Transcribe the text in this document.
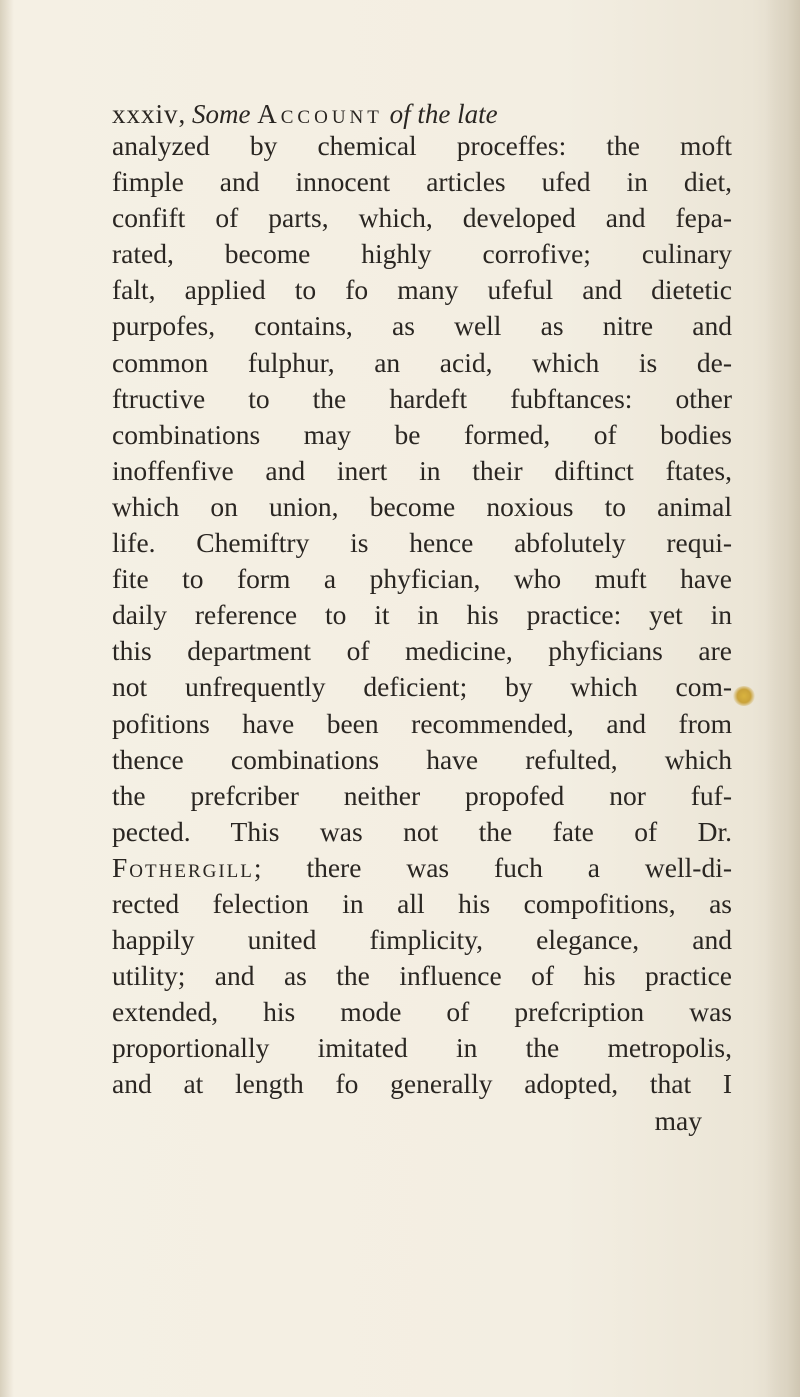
xxxiv, Some Account of the late
analyzed by chemical proceffes: the moft
fimple and innocent articles ufed in diet,
confift of parts, which, developed and fepa-
rated, become highly corrofive; culinary
falt, applied to fo many ufeful and dietetic
purpofes, contains, as well as nitre and
common fulphur, an acid, which is de-
ftructive to the hardeft fubftances: other
combinations may be formed, of bodies
inoffenfive and inert in their diftinct ftates,
which on union, become noxious to animal
life. Chemiftry is hence abfolutely requi-
fite to form a phyfician, who muft have
daily reference to it in his practice: yet in
this department of medicine, phyficians are
not unfrequently deficient; by which com-
pofitions have been recommended, and from
thence combinations have refulted, which
the prefcriber neither propofed nor fuf-
pected. This was not the fate of Dr.
Fothergill; there was fuch a well-di-
rected felection in all his compofitions, as
happily united fimplicity, elegance, and
utility; and as the influence of his practice
extended, his mode of prefcription was
proportionally imitated in the metropolis,
and at length fo generally adopted, that I
may
